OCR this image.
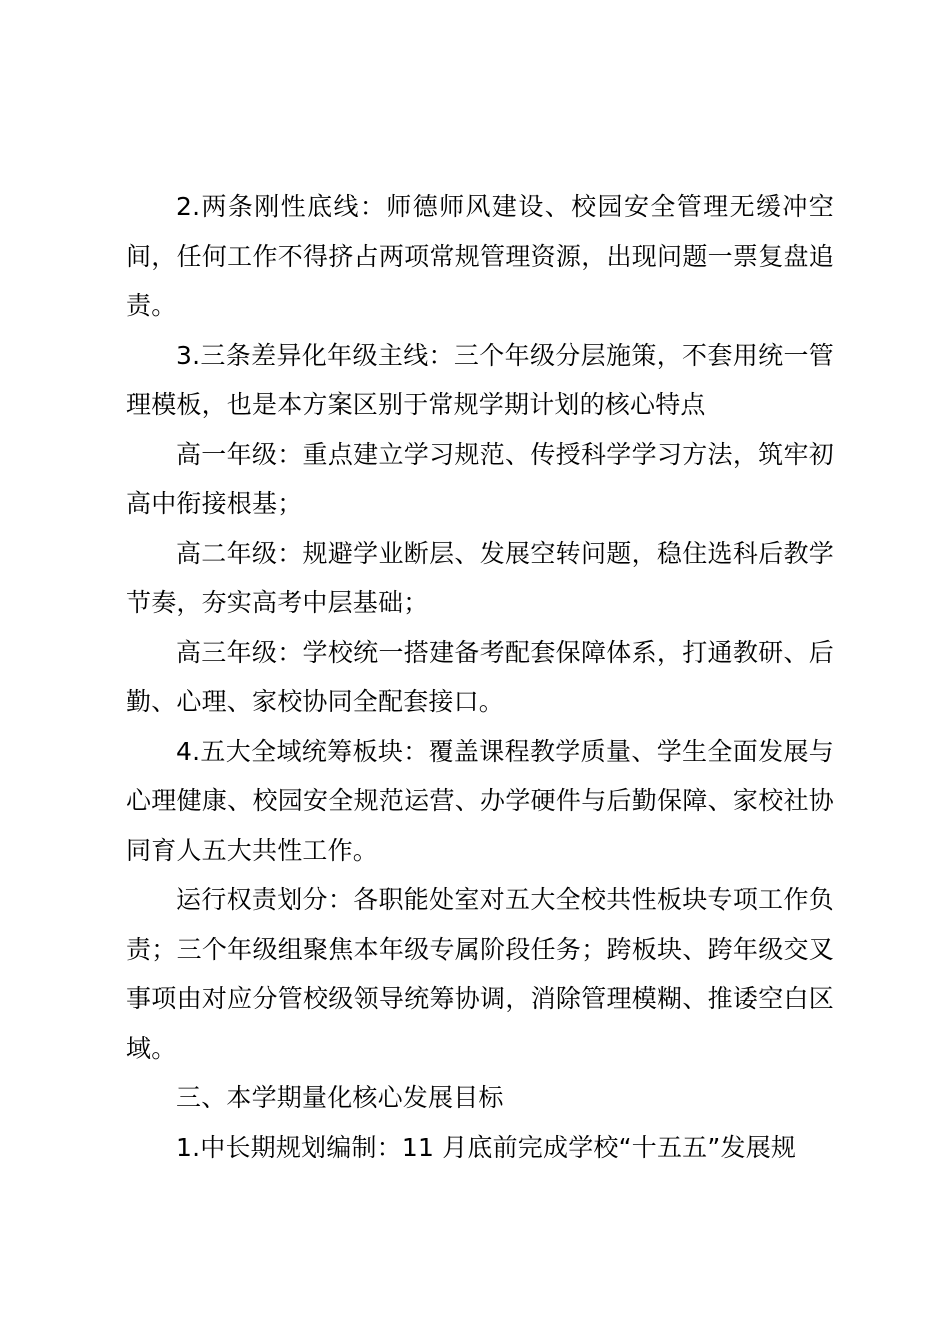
2.两条刚性底线：师德师风建设、校园安全管理无缓冲空间，任何工作不得挤占两项常规管理资源，出现问题一票复盘追责。

3.三条差异化年级主线：三个年级分层施策，不套用统一管理模板，也是本方案区别于常规学期计划的核心特点

高一年级：重点建立学习规范、传授科学学习方法，筑牢初高中衔接根基；

高二年级：规避学业断层、发展空转问题，稳住选科后教学节奏，夯实高考中层基础；

高三年级：学校统一搭建备考配套保障体系，打通教研、后勤、心理、家校协同全配套接口。

4.五大全域统筹板块：覆盖课程教学质量、学生全面发展与心理健康、校园安全规范运营、办学硬件与后勤保障、家校社协同育人五大共性工作。

运行权责划分：各职能处室对五大全校共性板块专项工作负责；三个年级组聚焦本年级专属阶段任务；跨板块、跨年级交叉事项由对应分管校级领导统筹协调，消除管理模糊、推诿空白区域。

三、本学期量化核心发展目标

1.中长期规划编制：11 月底前完成学校“十五五”发展规
